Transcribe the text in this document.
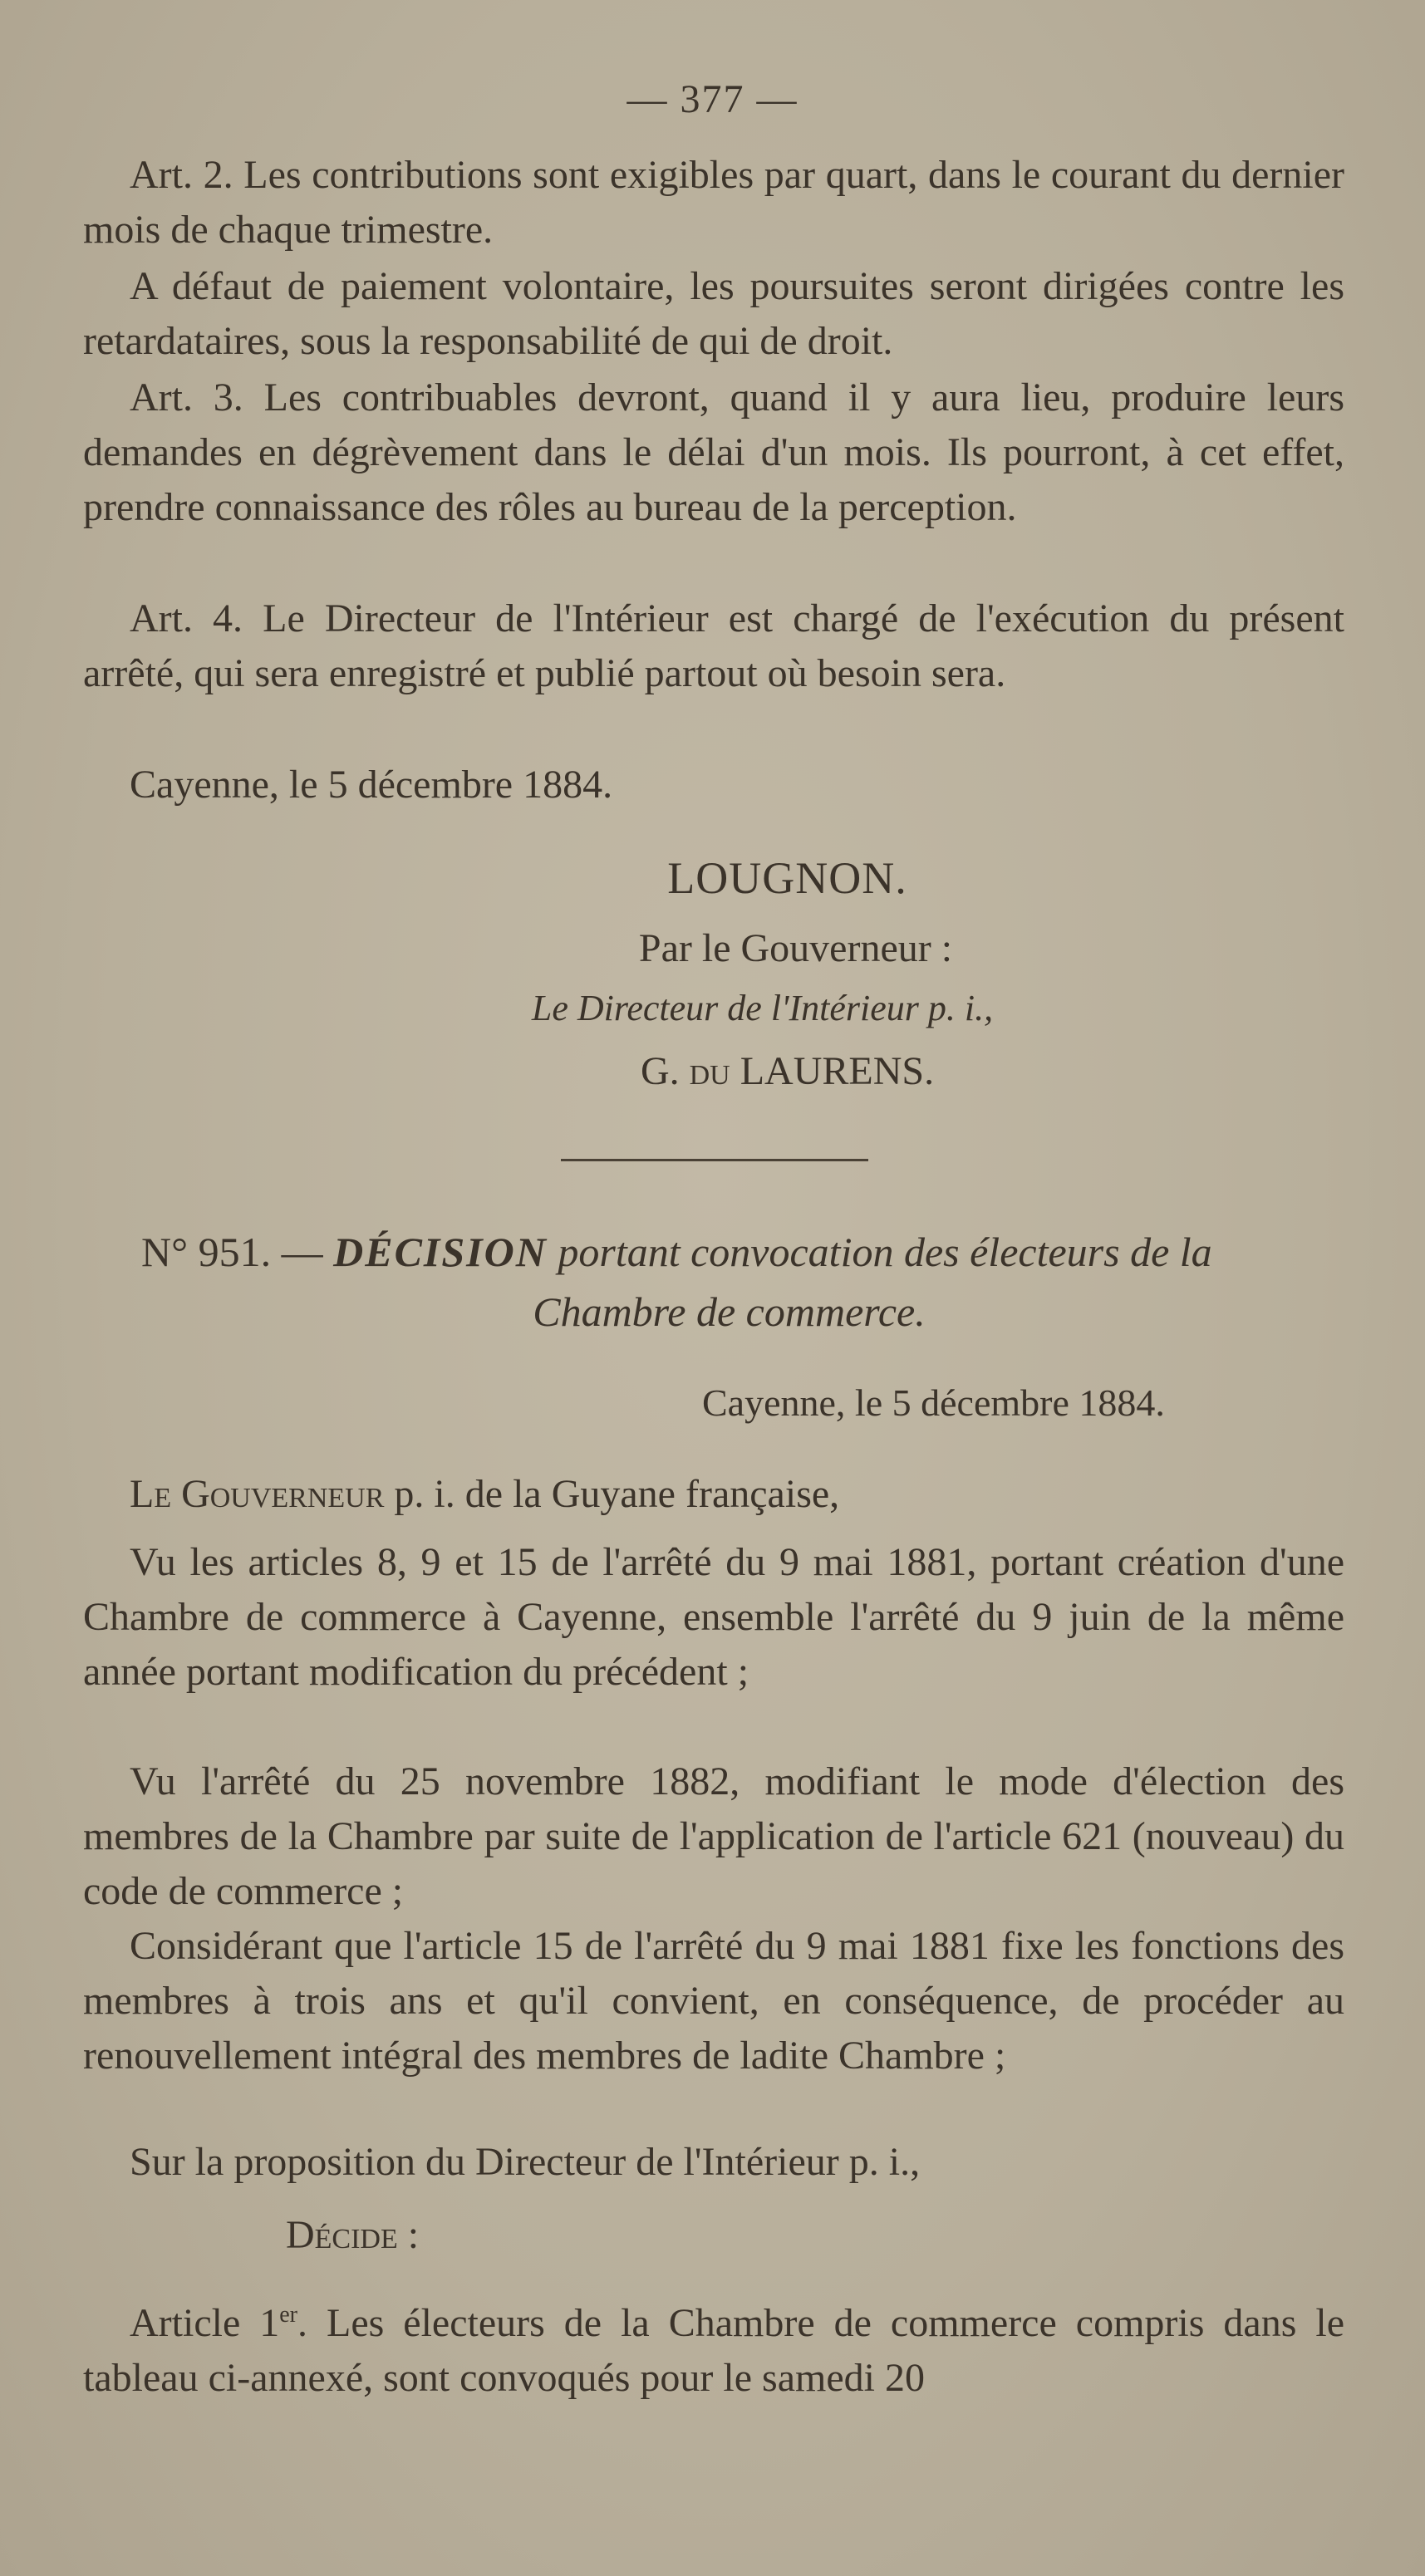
— 377 —

Art. 2. Les contributions sont exigibles par quart, dans le courant du dernier mois de chaque trimestre.

A défaut de paiement volontaire, les poursuites seront dirigées contre les retardataires, sous la responsabilité de qui de droit.

Art. 3. Les contribuables devront, quand il y aura lieu, produire leurs demandes en dégrèvement dans le délai d'un mois. Ils pourront, à cet effet, prendre connaissance des rôles au bureau de la perception.

Art. 4. Le Directeur de l'Intérieur est chargé de l'exécution du présent arrêté, qui sera enregistré et publié partout où besoin sera.

Cayenne, le 5 décembre 1884.

LOUGNON.

Par le Gouverneur :

Le Directeur de l'Intérieur p. i.,

G. du LAURENS.

N° 951. — DÉCISION portant convocation des électeurs de la

Chambre de commerce.

Cayenne, le 5 décembre 1884.

Le Gouverneur p. i. de la Guyane française,

Vu les articles 8, 9 et 15 de l'arrêté du 9 mai 1881, portant création d'une Chambre de commerce à Cayenne, ensemble l'arrêté du 9 juin de la même année portant modification du précédent ;

Vu l'arrêté du 25 novembre 1882, modifiant le mode d'élection des membres de la Chambre par suite de l'application de l'article 621 (nouveau) du code de commerce ;

Considérant que l'article 15 de l'arrêté du 9 mai 1881 fixe les fonctions des membres à trois ans et qu'il convient, en conséquence, de procéder au renouvellement intégral des membres de ladite Chambre ;

Sur la proposition du Directeur de l'Intérieur p. i.,

Décide :

Article 1er. Les électeurs de la Chambre de commerce compris dans le tableau ci-annexé, sont convoqués pour le samedi 20
